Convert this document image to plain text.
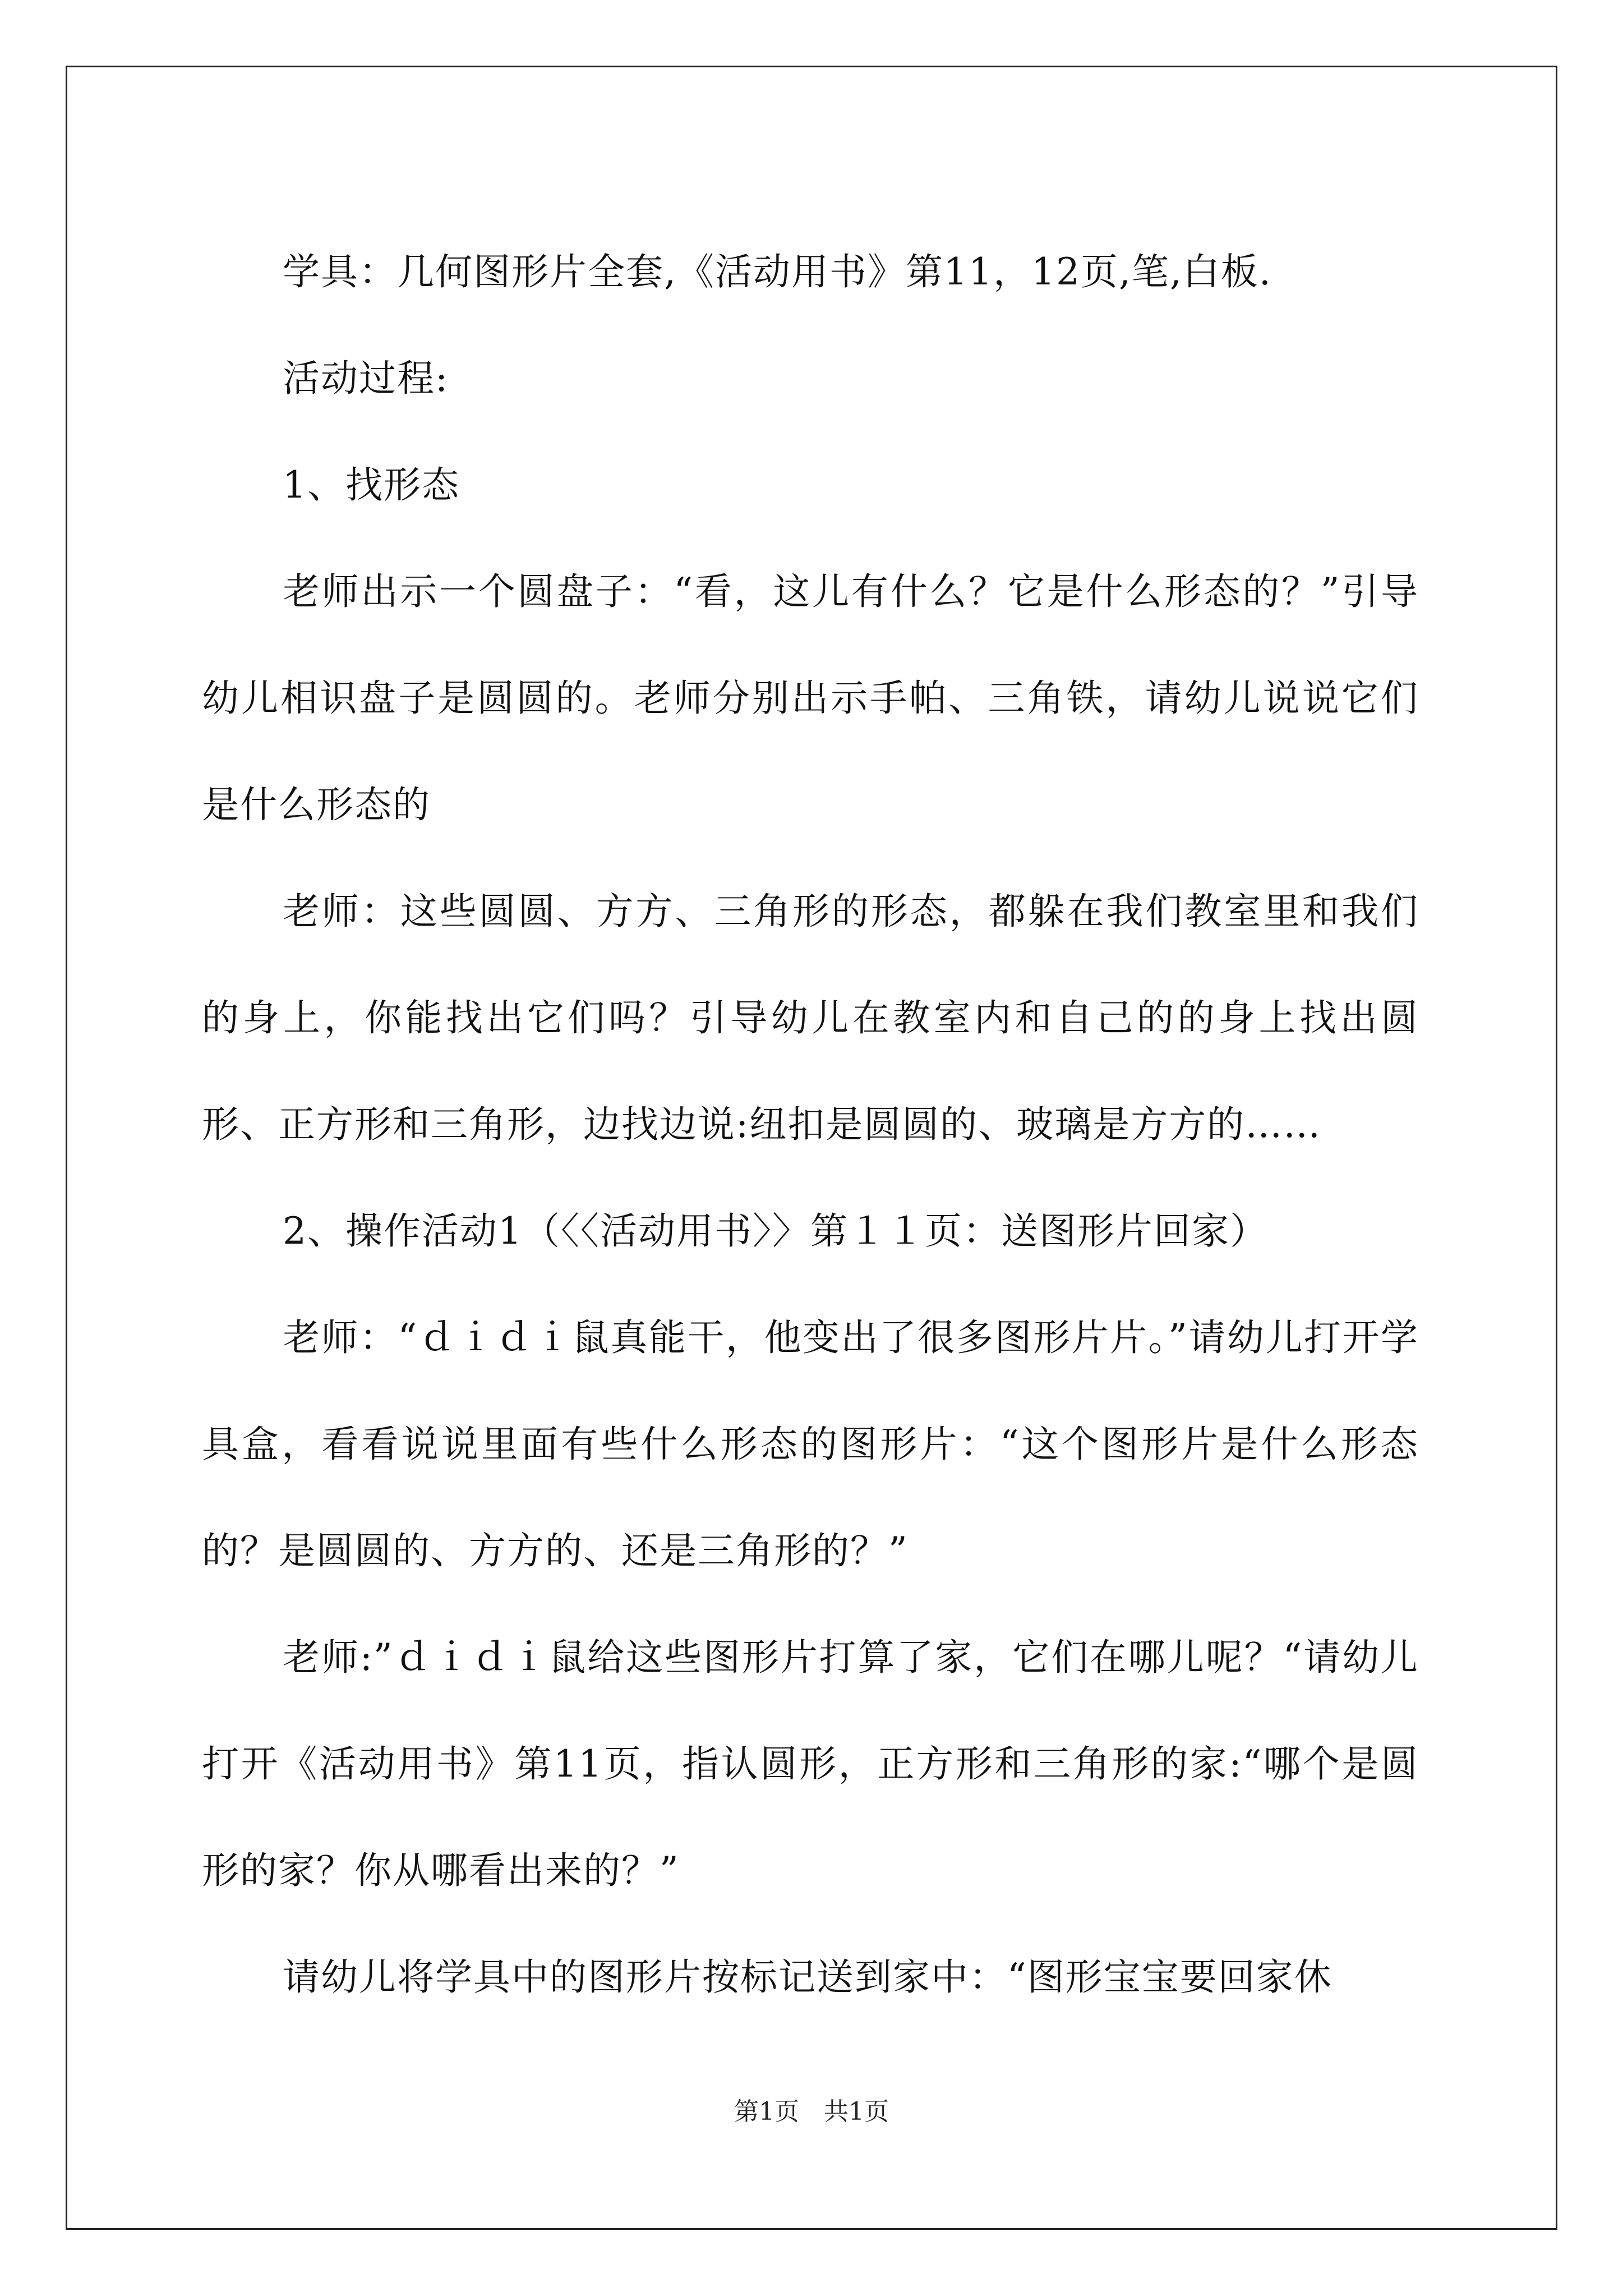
学具：几何图形片全套,《活动用书》第11，12页,笔,白板.

活动过程:

1、找形态

老师出示一个圆盘子：“看，这儿有什么？它是什么形态的？”引导幼儿相识盘子是圆圆的。老师分别出示手帕、三角铁，请幼儿说说它们是什么形态的

老师：这些圆圆、方方、三角形的形态，都躲在我们教室里和我们的身上，你能找出它们吗？引导幼儿在教室内和自己的的身上找出圆形、正方形和三角形，边找边说:纽扣是圆圆的、玻璃是方方的……

2、操作活动1（〈〈活动用书〉〉第１１页：送图形片回家）

老师：“ｄｉｄｉ鼠真能干，他变出了很多图形片片。”请幼儿打开学具盒，看看说说里面有些什么形态的图形片：“这个图形片是什么形态的？是圆圆的、方方的、还是三角形的？”

老师:”ｄｉｄｉ鼠给这些图形片打算了家，它们在哪儿呢？“请幼儿打开《活动用书》第11页，指认圆形，正方形和三角形的家:“哪个是圆形的家？你从哪看出来的？”

请幼儿将学具中的图形片按标记送到家中：“图形宝宝要回家休

第1页　共1页
